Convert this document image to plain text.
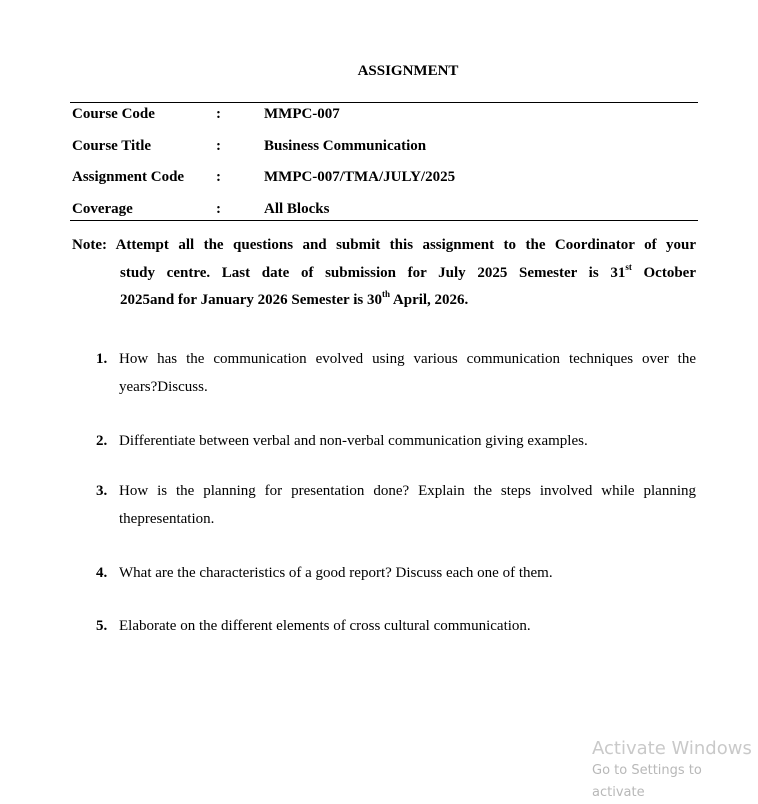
ASSIGNMENT
Course Code	:	MMPC-007
Course Title	:	Business Communication
Assignment Code :	MMPC-007/TMA/JULY/2025
Coverage	:	All Blocks
Note: Attempt all the questions and submit this assignment to the Coordinator of your
study centre. Last date of submission for July 2025 Semester is 31st October
2025and for January 2026 Semester is 30th April, 2026.
1. How has the communication evolved using various communication techniques over the
years?Discuss.
2. Differentiate between verbal and non-verbal communication giving examples.
3. How is the planning for presentation done? Explain the steps involved while planning
thepresentation.
4. What are the characteristics of a good report? Discuss each one of them.
5. Elaborate on the different elements of cross cultural communication.
Activate Windows
Go to Settings to activate
